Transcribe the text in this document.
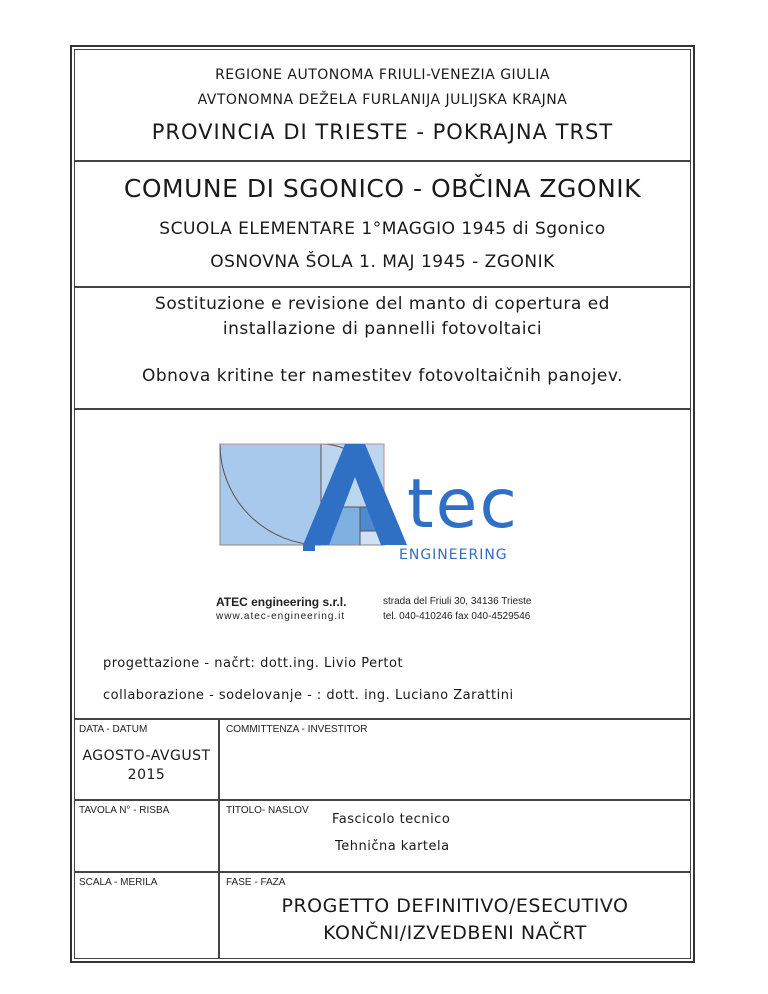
REGIONE AUTONOMA FRIULI-VENEZIA GIULIA
AVTONOMNA DEŽELA FURLANIJA JULIJSKA KRAJNA
PROVINCIA DI TRIESTE - POKRAJNA TRST
COMUNE DI SGONICO - OBČINA ZGONIK
SCUOLA ELEMENTARE 1°MAGGIO 1945 di Sgonico
OSNOVNA ŠOLA 1. MAJ 1945 - ZGONIK
Sostituzione e revisione del manto di copertura ed
installazione di pannelli fotovoltaici
Obnova kritine ter namestitev fotovoltaičnih panojev.
tec
ENGINEERING
ATEC engineering s.r.l.
www.atec-engineering.it
strada del Friuli 30, 34136 Trieste
tel. 040-410246 fax 040-4529546
progettazione - načrt: dott.ing. Livio Pertot
collaborazione - sodelovanje - : dott. ing. Luciano Zarattini
DATA - DATUM
AGOSTO-AVGUST
2015
COMMITTENZA - INVESTITOR
TAVOLA N° - RISBA	TITOLO- NASLOV
Fascicolo tecnico
Tehnična kartela
SCALA - MERILA	FASE - FAZA
PROGETTO DEFINITIVO/ESECUTIVO
KONČNI/IZVEDBENI NAČRT
